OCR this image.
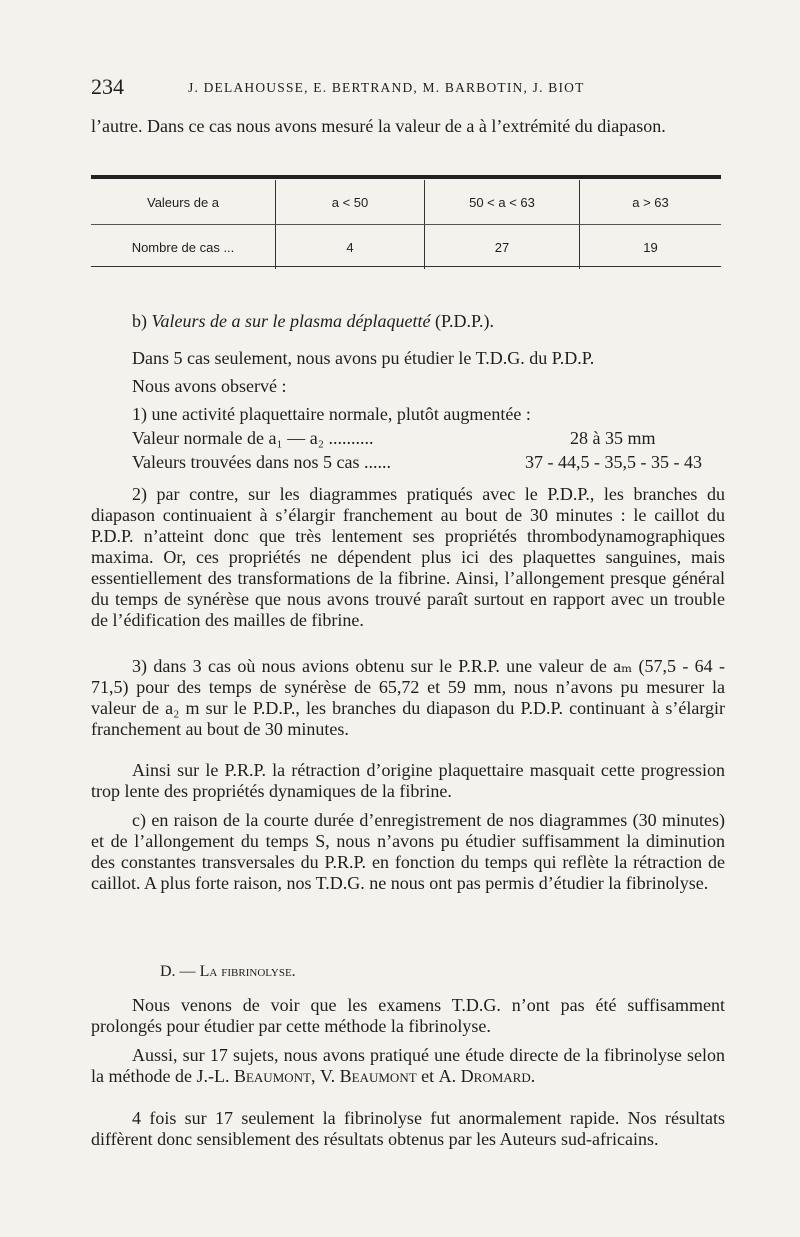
234	J. DELAHOUSSE, E. BERTRAND, M. BARBOTIN, J. BIOT
l’autre. Dans ce cas nous avons mesuré la valeur de a à l’extrémité du diapason.
Valeurs de a	a < 50	50 < a < 63	a > 63
Nombre de cas ...	4	27	19
b) Valeurs de a sur le plasma déplaquetté (P.D.P.).
Dans 5 cas seulement, nous avons pu étudier le T.D.G. du P.D.P.
Nous avons observé :
1) une activité plaquettaire normale, plutôt augmentée :
Valeur normale de a₁ — a₂ ..........	28 à 35 mm
Valeurs trouvées dans nos 5 cas ......	37 - 44,5 - 35,5 - 35 - 43
2) par contre, sur les diagrammes pratiqués avec le P.D.P., les branches du diapason continuaient à s’élargir franchement au bout de 30 minutes : le caillot du P.D.P. n’atteint donc que très lentement ses propriétés thrombodynamographiques maxima. Or, ces propriétés ne dépendent plus ici des plaquettes sanguines, mais essentiellement des transformations de la fibrine. Ainsi, l’allongement presque général du temps de synérèse que nous avons trouvé paraît surtout en rapport avec un trouble de l’édification des mailles de fibrine.
3) dans 3 cas où nous avions obtenu sur le P.R.P. une valeur de aₘ (57,5 - 64 - 71,5) pour des temps de synérèse de 65,72 et 59 mm, nous n’avons pu mesurer la valeur de a₂ m sur le P.D.P., les branches du diapason du P.D.P. continuant à s’élargir franchement au bout de 30 minutes.
Ainsi sur le P.R.P. la rétraction d’origine plaquettaire masquait cette progression trop lente des propriétés dynamiques de la fibrine.
c) en raison de la courte durée d’enregistrement de nos diagrammes (30 minutes) et de l’allongement du temps S, nous n’avons pu étudier suffisamment la diminution des constantes transversales du P.R.P. en fonction du temps qui reflète la rétraction de caillot. A plus forte raison, nos T.D.G. ne nous ont pas permis d’étudier la fibrinolyse.
D. — La fibrinolyse.
Nous venons de voir que les examens T.D.G. n’ont pas été suffisamment prolongés pour étudier par cette méthode la fibrinolyse.
Aussi, sur 17 sujets, nous avons pratiqué une étude directe de la fibrinolyse selon la méthode de J.-L. Beaumont, V. Beaumont et A. Dromard.
4 fois sur 17 seulement la fibrinolyse fut anormalement rapide. Nos résultats diffèrent donc sensiblement des résultats obtenus par les Auteurs sud-africains.
